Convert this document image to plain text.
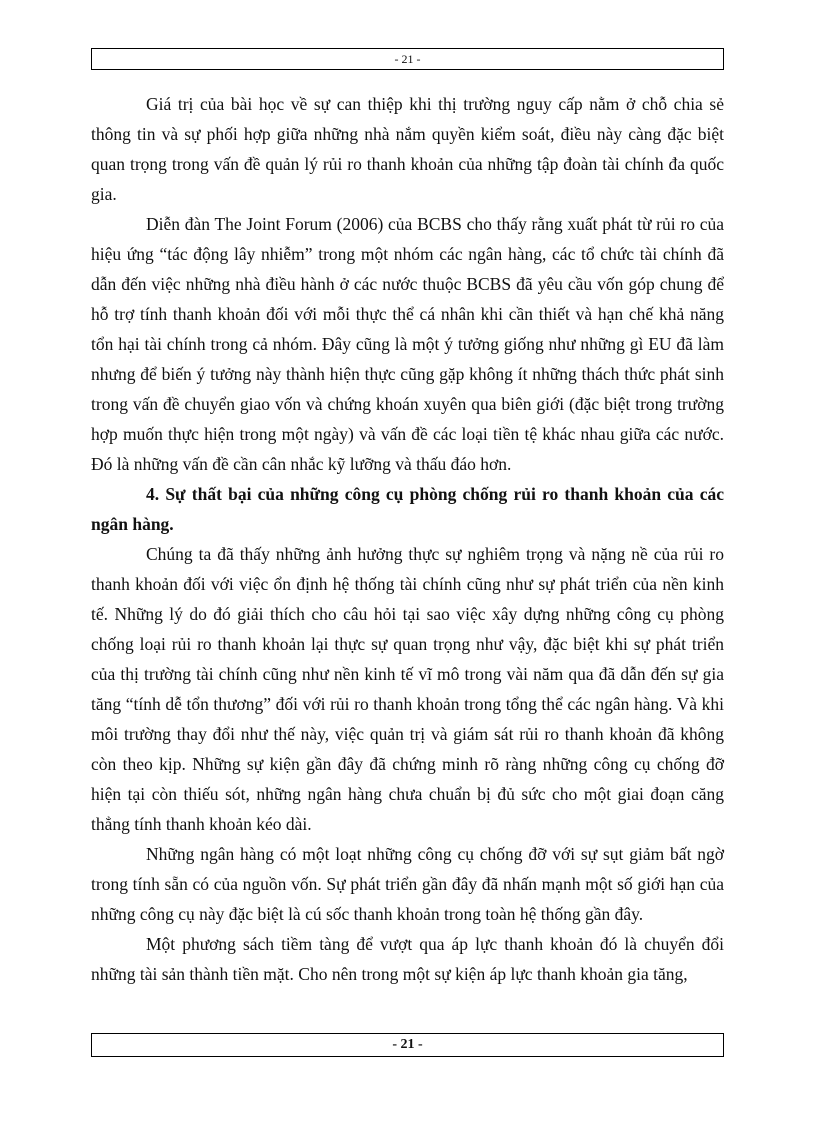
- 21 -

Giá trị của bài học về sự can thiệp khi thị trường nguy cấp nằm ở chỗ chia sẻ thông tin và sự phối hợp giữa những nhà nắm quyền kiểm soát, điều này càng đặc biệt quan trọng trong vấn đề quản lý rủi ro thanh khoản của những tập đoàn tài chính đa quốc gia.

Diễn đàn The Joint Forum (2006) của BCBS cho thấy rằng xuất phát từ rủi ro của hiệu ứng “tác động lây nhiễm” trong một nhóm các ngân hàng, các tổ chức tài chính đã dẫn đến việc những nhà điều hành ở các nước thuộc BCBS đã yêu cầu vốn góp chung để hỗ trợ tính thanh khoản đối với mỗi thực thể cá nhân khi cần thiết và hạn chế khả năng tổn hại tài chính trong cả nhóm. Đây cũng là một ý tưởng giống như những gì EU đã làm nhưng để biến ý tưởng này thành hiện thực cũng gặp không ít những thách thức phát sinh trong vấn đề chuyển giao vốn và chứng khoán xuyên qua biên giới (đặc biệt trong trường hợp muốn thực hiện trong một ngày) và vấn đề các loại tiền tệ khác nhau giữa các nước. Đó là những vấn đề cần cân nhắc kỹ lưỡng và thấu đáo hơn.

4. Sự thất bại của những công cụ phòng chống rủi ro thanh khoản của các ngân hàng.

Chúng ta đã thấy những ảnh hưởng thực sự nghiêm trọng và nặng nề của rủi ro thanh khoản đối với việc ổn định hệ thống tài chính cũng như sự phát triển của nền kinh tế. Những lý do đó giải thích cho câu hỏi tại sao việc xây dựng những công cụ phòng chống loại rủi ro thanh khoản lại thực sự quan trọng như vậy, đặc biệt khi sự phát triển của thị trường tài chính cũng như nền kinh tế vĩ mô trong vài năm qua đã dẫn đến sự gia tăng “tính dễ tổn thương” đối với rủi ro thanh khoản trong tổng thể các ngân hàng. Và khi môi trường thay đổi như thế này, việc quản trị và giám sát rủi ro thanh khoản đã không còn theo kịp. Những sự kiện gần đây đã chứng minh rõ ràng những công cụ chống đỡ hiện tại còn thiếu sót, những ngân hàng chưa chuẩn bị đủ sức cho một giai đoạn căng thẳng tính thanh khoản kéo dài.

Những ngân hàng có một loạt những công cụ chống đỡ với sự sụt giảm bất ngờ trong tính sẵn có của nguồn vốn. Sự phát triển gần đây đã nhấn mạnh một số giới hạn của những công cụ này đặc biệt là cú sốc thanh khoản trong toàn hệ thống gần đây.

Một phương sách tiềm tàng để vượt qua áp lực thanh khoản đó là chuyển đổi những tài sản thành tiền mặt. Cho nên trong một sự kiện áp lực thanh khoản gia tăng,

- 21 -
